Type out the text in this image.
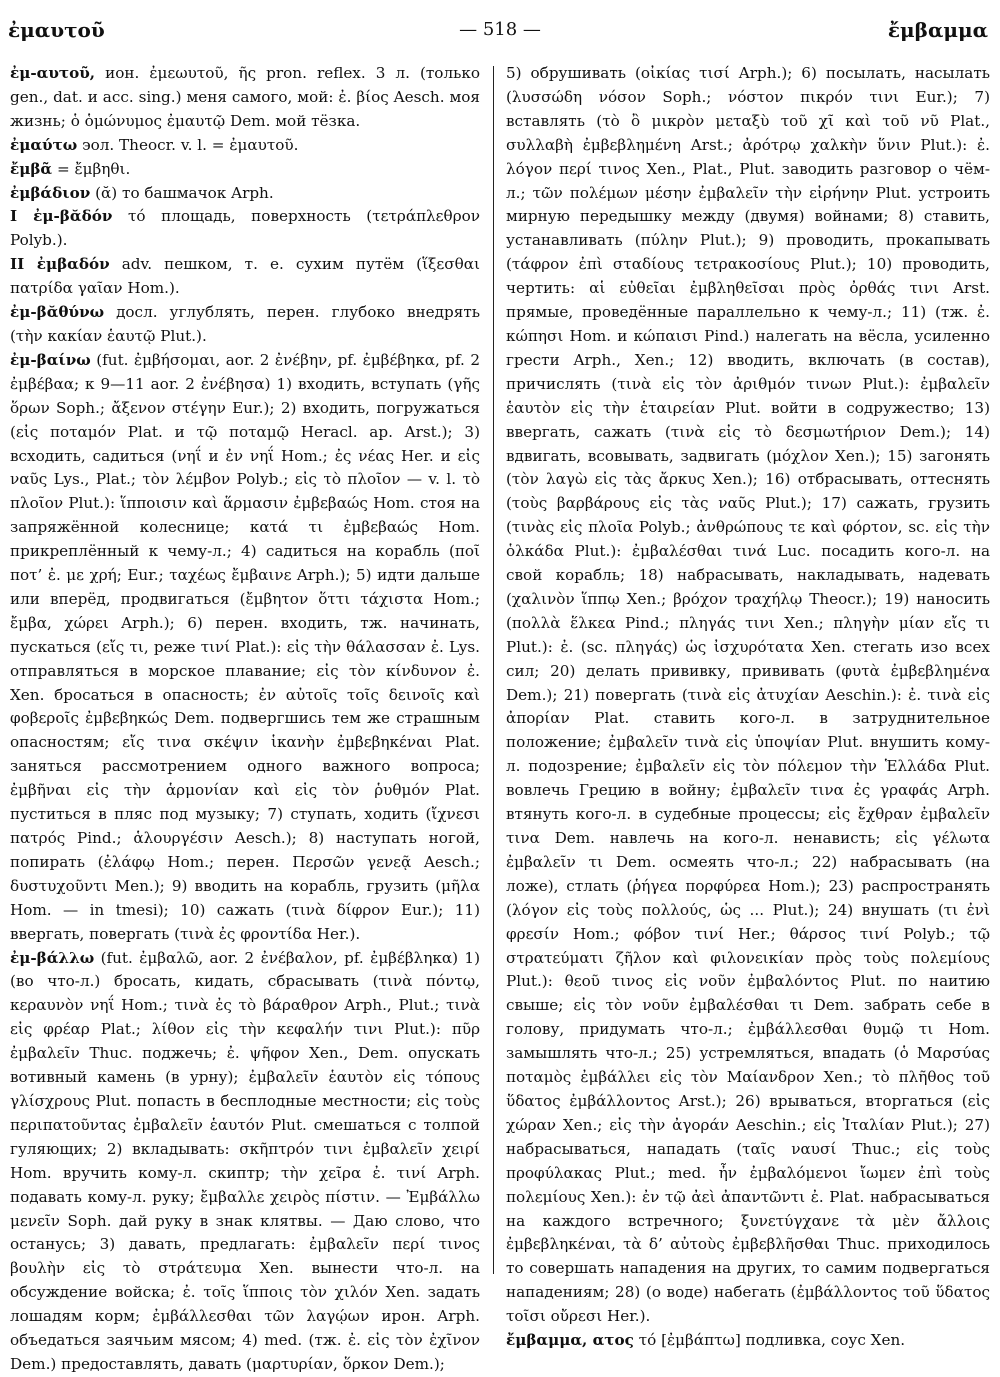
ἐμαυτοῦ	— 518 —	ἔμβαμμα

ἐμ-αυτοῦ, ион. ἐμεωυτοῦ, ῆς pron. reflex. 3 л. (только gen., dat. и acc. sing.) меня самого, мой: ἐ. βίος Aesch. моя жизнь; ὁ ὁμώνυμος ἐμαυτῷ Dem. мой тёзка.

ἐμαύτω эол. Theocr. v. l. = ἐμαυτοῦ.

ἔμβᾶ = ἔμβηθι.

ἐμβάδιον (ᾰ) то башмачок Arph.

I ἐμ-βᾰδόν τό площадь, поверхность (τετράπλεθρον Polyb.).

II ἐμβαδόν adv. пешком, т. е. сухим путём (ἵξεσθαι πατρίδα γαῖαν Hom.).

ἐμ-βᾰθύνω досл. углублять, перен. глубоко внедрять (τὴν κακίαν ἑαυτῷ Plut.).

ἐμ-βαίνω (fut. ἐμβήσομαι, aor. 2 ἐνέβην, pf. ἐμβέβηκα, pf. 2 ἐμβέβαα; к 9—11 aor. 2 ἐνέβησα) 1) входить, вступать (γῆς ὅρων Soph.; ἄξενον στέγην Eur.); 2) входить, погружаться (εἰς ποταμόν Plat. и τῷ ποταμῷ Heracl. ap. Arst.); 3) всходить, садиться (νηΐ и ἐν νηΐ Hom.; ἐς νέας Her. и εἰς ναῦς Lys., Plat.; τὸν λέμβον Polyb.; εἰς τὸ πλοῖον — v. l. τὸ πλοῖον Plut.): ἵπποισιν καὶ ἅρμασιν ἐμβεβαώς Hom. стоя на запряжённой колеснице; κατά τι ἐμβεβαώς Hom. прикреплённый к чему-л.; 4) садиться на корабль (ποῖ ποτ’ ἐ. με χρή; Eur.; ταχέως ἔμβαινε Arph.); 5) идти дальше или вперёд, продвигаться (ἔμβητον ὅττι τάχιστα Hom.; ἔμβα, χώρει Arph.); 6) перен. входить, тж. начинать, пускаться (εἴς τι, реже τινί Plat.): εἰς τὴν θάλασσαν ἐ. Lys. отправляться в морское плавание; εἰς τὸν κίνδυνον ἐ. Xen. бросаться в опасность; ἐν αὐτοῖς τοῖς δεινοῖς καὶ φοβεροῖς ἐμβεβηκώς Dem. подвергшись тем же страшным опасностям; εἴς τινα σκέψιν ἱκανὴν ἐμβεβηκέναι Plat. заняться рассмотрением одного важного вопроса; ἐμβῆναι εἰς τὴν ἁρμονίαν καὶ εἰς τὸν ῥυθμόν Plat. пуститься в пляс под музыку; 7) ступать, ходить (ἴχνεσι πατρός Pind.; ἁλουργέσιν Aesch.); 8) наступать ногой, попирать (ἐλάφῳ Hom.; перен. Περσῶν γενεᾷ Aesch.; δυστυχοῦντι Men.); 9) вводить на корабль, грузить (μῆλα Hom. — in tmesi); 10) сажать (τινὰ δίφρον Eur.); 11) ввергать, повергать (τινὰ ἐς φροντίδα Her.).

ἐμ-βάλλω (fut. ἐμβαλῶ, aor. 2 ἐνέβαλον, pf. ἐμβέβληκα) 1) (во что-л.) бросать, кидать, сбрасывать (τινὰ πόντῳ, κεραυνὸν νηΐ Hom.; τινὰ ἐς τὸ βάραθρον Arph., Plut.; τινὰ εἰς φρέαρ Plat.; λίθον εἰς τὴν κεφαλήν τινι Plut.): πῦρ ἐμβαλεῖν Thuc. поджечь; ἐ. ψῆφον Xen., Dem. опускать вотивный камень (в урну); ἐμβαλεῖν ἑαυτὸν εἰς τόπους γλίσχρους Plut. попасть в бесплодные местности; εἰς τοὺς περιπατοῦντας ἐμβαλεῖν ἑαυτόν Plut. смешаться с толпой гуляющих; 2) вкладывать: σκῆπτρόν τινι ἐμβαλεῖν χειρί Hom. вручить кому-л. скиптр; τὴν χεῖρα ἐ. τινί Arph. подавать кому-л. руку; ἔμβαλλε χειρὸς πίστιν. — Ἐμβάλλω μενεῖν Soph. дай руку в знак клятвы. — Даю слово, что останусь; 3) давать, предлагать: ἐμβαλεῖν περί τινος βουλὴν εἰς τὸ στράτευμα Xen. вынести что-л. на обсуждение войска; ἐ. τοῖς ἵπποις τὸν χιλόν Xen. задать лошадям корм; ἐμβάλλεσθαι τῶν λαγῴων ирон. Arph. объедаться заячьим мясом; 4) med. (тж. ἐ. εἰς τὸν ἐχῖνον Dem.) предоставлять, давать (μαρτυρίαν, ὅρκον Dem.);

5) обрушивать (οἰκίας τισί Arph.); 6) посылать, насылать (λυσσώδη νόσον Soph.; νόστον πικρόν τινι Eur.); 7) вставлять (τὸ ὂ μικρὸν μεταξὺ τοῦ χῖ καὶ τοῦ νῦ Plat., συλλαβὴ ἐμβεβλημένη Arst.; ἀρότρῳ χαλκὴν ὕνιν Plut.): ἐ. λόγον περί τινος Xen., Plat., Plut. заводить разговор о чём-л.; τῶν πολέμων μέσην ἐμβαλεῖν τὴν εἰρήνην Plut. устроить мирную передышку между (двумя) войнами; 8) ставить, устанавливать (πύλην Plut.); 9) проводить, прокапывать (τάφρον ἐπὶ σταδίους τετρακοσίους Plut.); 10) проводить, чертить: αἱ εὐθεῖαι ἐμβληθεῖσαι πρὸς ὀρθάς τινι Arst. прямые, проведённые параллельно к чему-л.; 11) (тж. ἐ. κώπησι Hom. и κώπαισι Pind.) налегать на вёсла, усиленно грести Arph., Xen.; 12) вводить, включать (в состав), причислять (τινὰ εἰς τὸν ἀριθμόν τινων Plut.): ἐμβαλεῖν ἑαυτὸν εἰς τὴν ἑταιρείαν Plut. войти в содружество; 13) ввергать, сажать (τινὰ εἰς τὸ δεσμωτήριον Dem.); 14) вдвигать, всовывать, задвигать (μόχλον Xen.); 15) загонять (τὸν λαγὼ εἰς τὰς ἄρκυς Xen.); 16) отбрасывать, оттеснять (τοὺς βαρβάρους εἰς τὰς ναῦς Plut.); 17) сажать, грузить (τινὰς εἰς πλοῖα Polyb.; ἀνθρώπους τε καὶ φόρτον, sc. εἰς τὴν ὁλκάδα Plut.): ἐμβαλέσθαι τινά Luc. посадить кого-л. на свой корабль; 18) набрасывать, накладывать, надевать (χαλινὸν ἵππῳ Xen.; βρόχον τραχήλῳ Theocr.); 19) наносить (πολλὰ ἕλκεα Pind.; πληγάς τινι Xen.; πληγὴν μίαν εἴς τι Plut.): ἐ. (sc. πληγάς) ὡς ἰσχυρότατα Xen. стегать изо всех сил; 20) делать прививку, прививать (φυτὰ ἐμβεβλημένα Dem.); 21) повергать (τινὰ εἰς ἀτυχίαν Aeschin.): ἐ. τινὰ εἰς ἀπορίαν Plat. ставить кого-л. в затруднительное положение; ἐμβαλεῖν τινὰ εἰς ὑποψίαν Plut. внушить кому-л. подозрение; ἐμβαλεῖν εἰς τὸν πόλεμον τὴν Ἑλλάδα Plut. вовлечь Грецию в войну; ἐμβαλεῖν τινα ἐς γραφάς Arph. втянуть кого-л. в судебные процессы; εἰς ἔχθραν ἐμβαλεῖν τινα Dem. навлечь на кого-л. ненависть; εἰς γέλωτα ἐμβαλεῖν τι Dem. осмеять что-л.; 22) набрасывать (на ложе), стлать (ῥήγεα πορφύρεα Hom.); 23) распространять (λόγον εἰς τοὺς πολλούς, ὡς ... Plut.); 24) внушать (τι ἐνὶ φρεσίν Hom.; φόβον τινί Her.; θάρσος τινί Polyb.; τῷ στρατεύματι ζῆλον καὶ φιλονεικίαν πρὸς τοὺς πολεμίους Plut.): θεοῦ τινος εἰς νοῦν ἐμβαλόντος Plut. по наитию свыше; εἰς τὸν νοῦν ἐμβαλέσθαι τι Dem. забрать себе в голову, придумать что-л.; ἐμβάλλεσθαι θυμῷ τι Hom. замышлять что-л.; 25) устремляться, впадать (ὁ Μαρσύας ποταμὸς ἐμβάλλει εἰς τὸν Μαίανδρον Xen.; τὸ πλῆθος τοῦ ὕδατος ἐμβάλλοντος Arst.); 26) врываться, вторгаться (εἰς χώραν Xen.; εἰς τὴν ἀγοράν Aeschin.; εἰς Ἰταλίαν Plut.); 27) набрасываться, нападать (ταῖς ναυσί Thuc.; εἰς τοὺς προφύλακας Plut.; med. ἦν ἐμβαλόμενοι ἴωμεν ἐπὶ τοὺς πολεμίους Xen.): ἐν τῷ ἀεὶ ἀπαντῶντι ἐ. Plat. набрасываться на каждого встречного; ξυνετύγχανε τὰ μὲν ἄλλοις ἐμβεβληκέναι, τὰ δ’ αὐτοὺς ἐμβεβλῆσθαι Thuc. приходилось то совершать нападения на других, то самим подвергаться нападениям; 28) (о воде) набегать (ἐμβάλλοντος τοῦ ὕδατος τοῖσι οὔρεσι Her.).

ἔμβαμμα, ατος τό [ἐμβάπτω] подливка, соус Xen.
